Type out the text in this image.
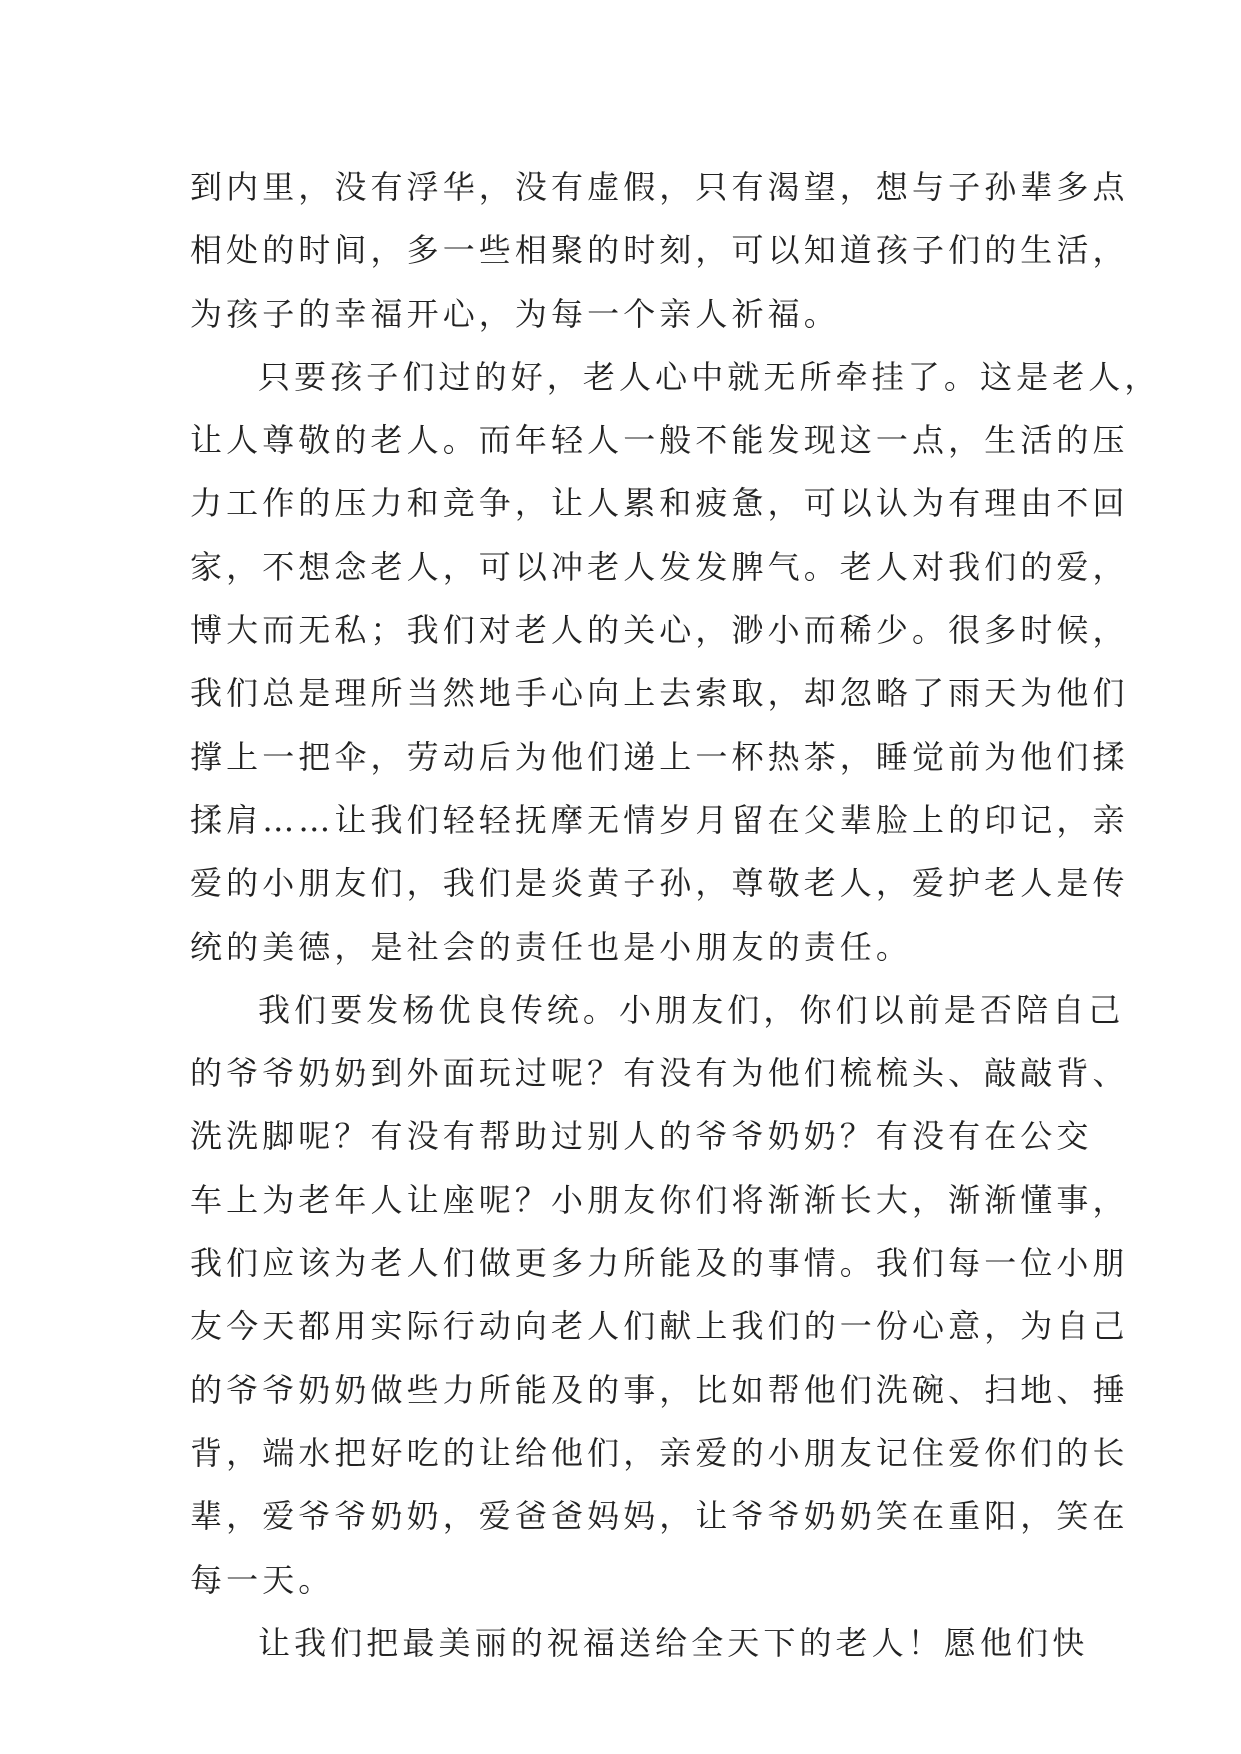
到内里，没有浮华，没有虚假，只有渴望，想与子孙辈多点
相处的时间，多一些相聚的时刻，可以知道孩子们的生活，
为孩子的幸福开心，为每一个亲人祈福。
只要孩子们过的好，老人心中就无所牵挂了。这是老人，
让人尊敬的老人。而年轻人一般不能发现这一点，生活的压
力工作的压力和竞争，让人累和疲惫，可以认为有理由不回
家，不想念老人，可以冲老人发发脾气。老人对我们的爱，
博大而无私；我们对老人的关心，渺小而稀少。很多时候，
我们总是理所当然地手心向上去索取，却忽略了雨天为他们
撑上一把伞，劳动后为他们递上一杯热茶，睡觉前为他们揉
揉肩……让我们轻轻抚摩无情岁月留在父辈脸上的印记，亲
爱的小朋友们，我们是炎黄子孙，尊敬老人，爱护老人是传
统的美德，是社会的责任也是小朋友的责任。
我们要发杨优良传统。小朋友们，你们以前是否陪自己
的爷爷奶奶到外面玩过呢？有没有为他们梳梳头、敲敲背、
洗洗脚呢？有没有帮助过别人的爷爷奶奶？有没有在公交
车上为老年人让座呢？小朋友你们将渐渐长大，渐渐懂事，
我们应该为老人们做更多力所能及的事情。我们每一位小朋
友今天都用实际行动向老人们献上我们的一份心意，为自己
的爷爷奶奶做些力所能及的事，比如帮他们洗碗、扫地、捶
背，端水把好吃的让给他们，亲爱的小朋友记住爱你们的长
辈，爱爷爷奶奶，爱爸爸妈妈，让爷爷奶奶笑在重阳，笑在
每一天。
让我们把最美丽的祝福送给全天下的老人！愿他们快
